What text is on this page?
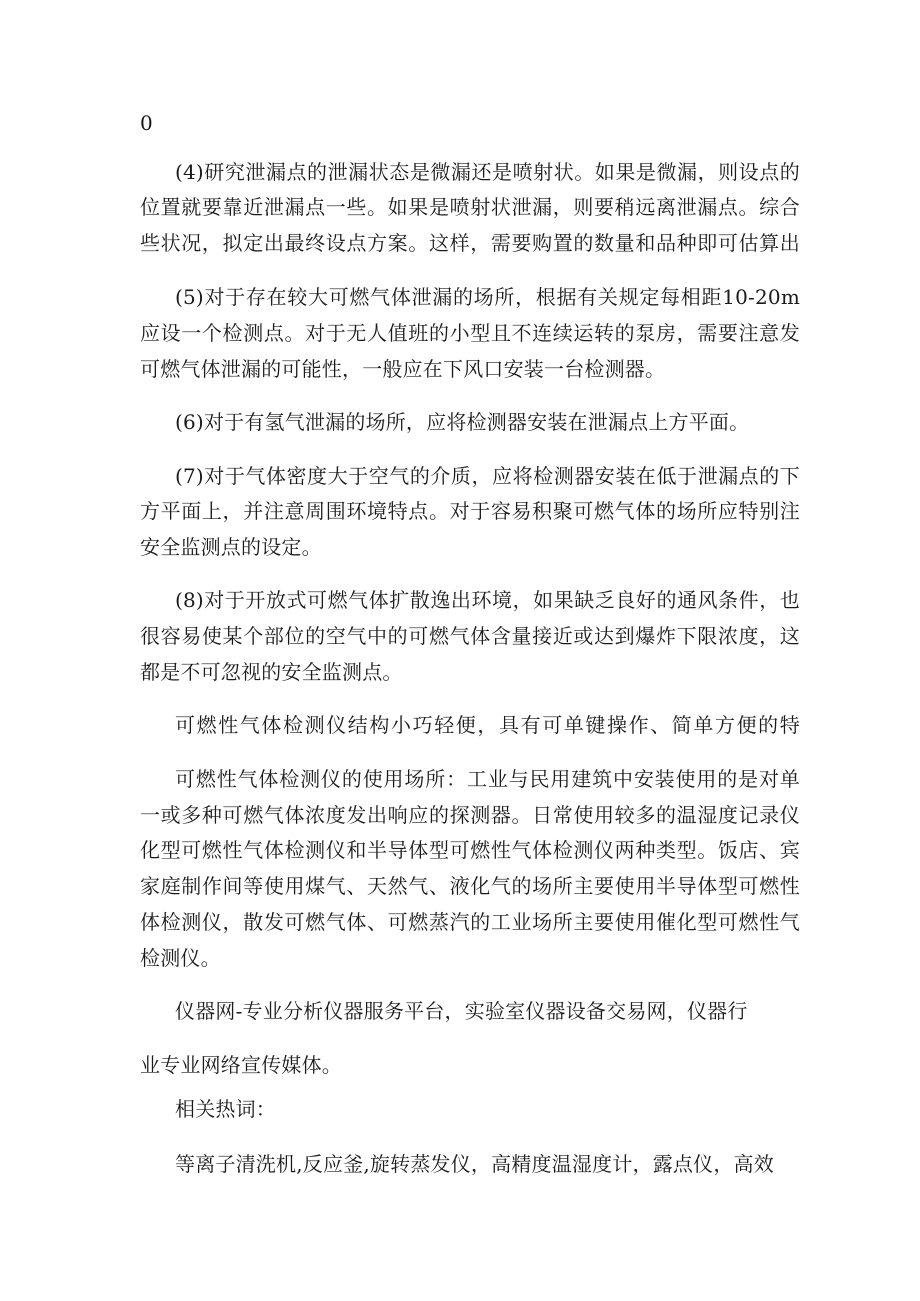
0
(4)研究泄漏点的泄漏状态是微漏还是喷射状。如果是微漏，则设点的
位置就要靠近泄漏点一些。如果是喷射状泄漏，则要稍远离泄漏点。综合
些状况，拟定出最终设点方案。这样，需要购置的数量和品种即可估算出
(5)对于存在较大可燃气体泄漏的场所，根据有关规定每相距10-20m
应设一个检测点。对于无人值班的小型且不连续运转的泵房，需要注意发
可燃气体泄漏的可能性，一般应在下风口安装一台检测器。
(6)对于有氢气泄漏的场所，应将检测器安装在泄漏点上方平面。
(7)对于气体密度大于空气的介质，应将检测器安装在低于泄漏点的下
方平面上，并注意周围环境特点。对于容易积聚可燃气体的场所应特别注
安全监测点的设定。
(8)对于开放式可燃气体扩散逸出环境，如果缺乏良好的通风条件，也
很容易使某个部位的空气中的可燃气体含量接近或达到爆炸下限浓度，这
都是不可忽视的安全监测点。
可燃性气体检测仪结构小巧轻便，具有可单键操作、简单方便的特
可燃性气体检测仪的使用场所：工业与民用建筑中安装使用的是对单
一或多种可燃气体浓度发出响应的探测器。日常使用较多的温湿度记录仪
化型可燃性气体检测仪和半导体型可燃性气体检测仪两种类型。饭店、宾
家庭制作间等使用煤气、天然气、液化气的场所主要使用半导体型可燃性
体检测仪，散发可燃气体、可燃蒸汽的工业场所主要使用催化型可燃性气
检测仪。
仪器网-专业分析仪器服务平台，实验室仪器设备交易网，仪器行
业专业网络宣传媒体。
相关热词：
等离子清洗机,反应釜,旋转蒸发仪，高精度温湿度计，露点仪，高效
